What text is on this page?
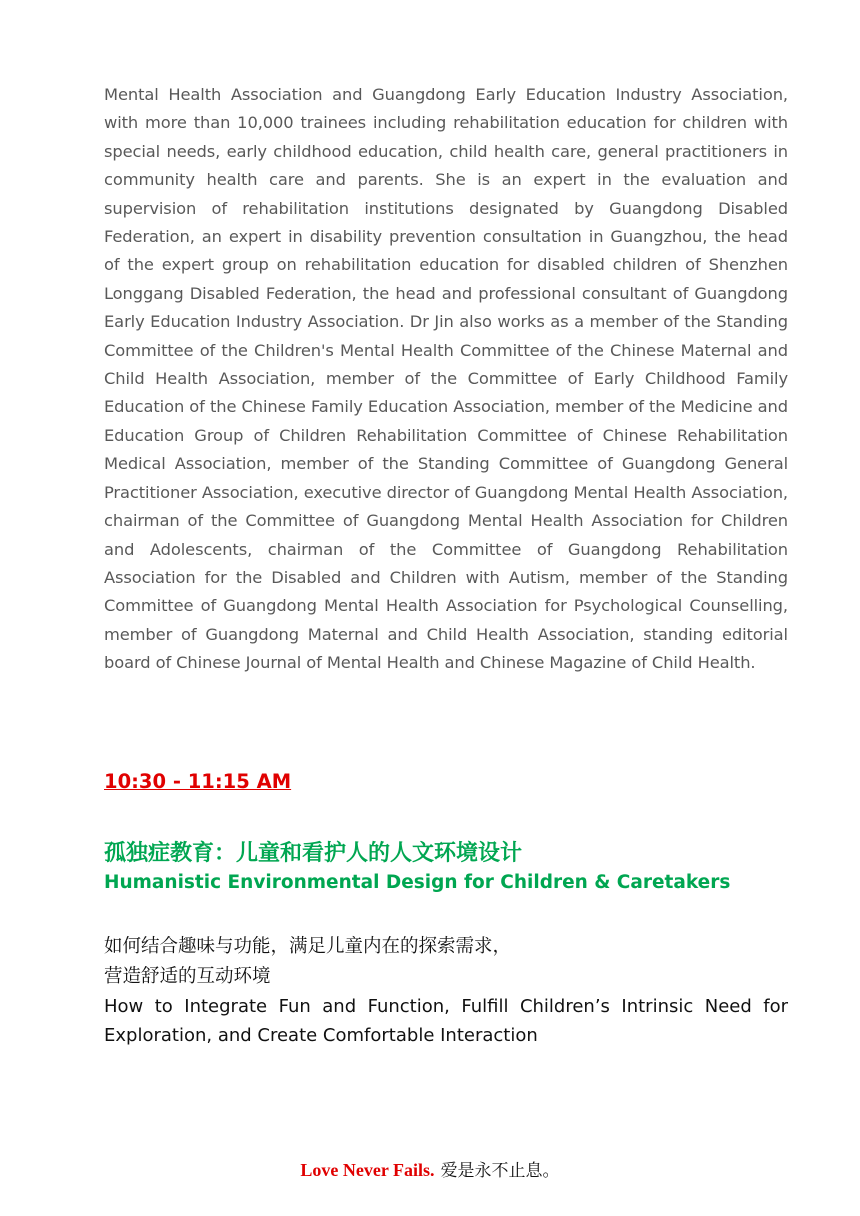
Mental Health Association and Guangdong Early Education Industry Association, with more than 10,000 trainees including rehabilitation education for children with special needs, early childhood education, child health care, general practitioners in community health care and parents. She is an expert in the evaluation and supervision of rehabilitation institutions designated by Guangdong Disabled Federation, an expert in disability prevention consultation in Guangzhou, the head of the expert group on rehabilitation education for disabled children of Shenzhen Longgang Disabled Federation, the head and professional consultant of Guangdong Early Education Industry Association. Dr Jin also works as a member of the Standing Committee of the Children's Mental Health Committee of the Chinese Maternal and Child Health Association, member of the Committee of Early Childhood Family Education of the Chinese Family Education Association, member of the Medicine and Education Group of Children Rehabilitation Committee of Chinese Rehabilitation Medical Association, member of the Standing Committee of Guangdong General Practitioner Association, executive director of Guangdong Mental Health Association, chairman of the Committee of Guangdong Mental Health Association for Children and Adolescents, chairman of the Committee of Guangdong Rehabilitation Association for the Disabled and Children with Autism, member of the Standing Committee of Guangdong Mental Health Association for Psychological Counselling, member of Guangdong Maternal and Child Health Association, standing editorial board of Chinese Journal of Mental Health and Chinese Magazine of Child Health.

10:30 - 11:15 AM

孤独症教育：儿童和看护人的人文环境设计
Humanistic Environmental Design for Children & Caretakers

如何结合趣味与功能，满足儿童内在的探索需求，
营造舒适的互动环境

How to Integrate Fun and Function, Fulfill Children’s Intrinsic Need for Exploration, and Create Comfortable Interaction

Love Never Fails. 爱是永不止息。
